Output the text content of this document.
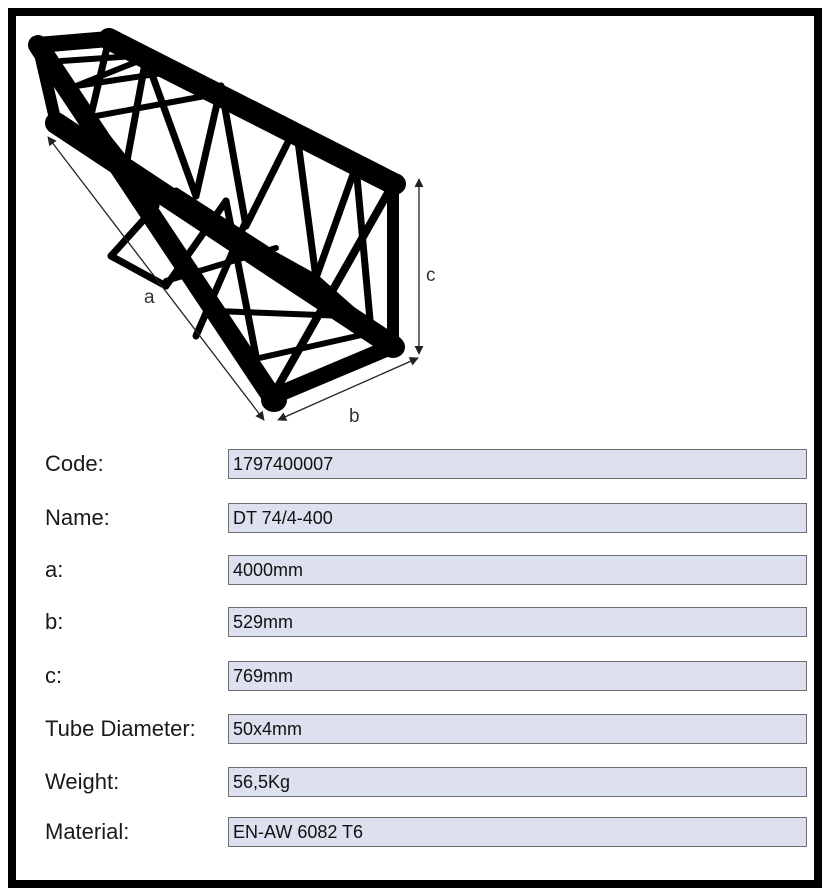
a
b
c
Code:	1797400007
Name:	DT 74/4-400
a:	4000mm
b:	529mm
c:	769mm
Tube Diameter: 50x4mm
Weight:	56,5Kg
Material:	EN-AW 6082 T6
